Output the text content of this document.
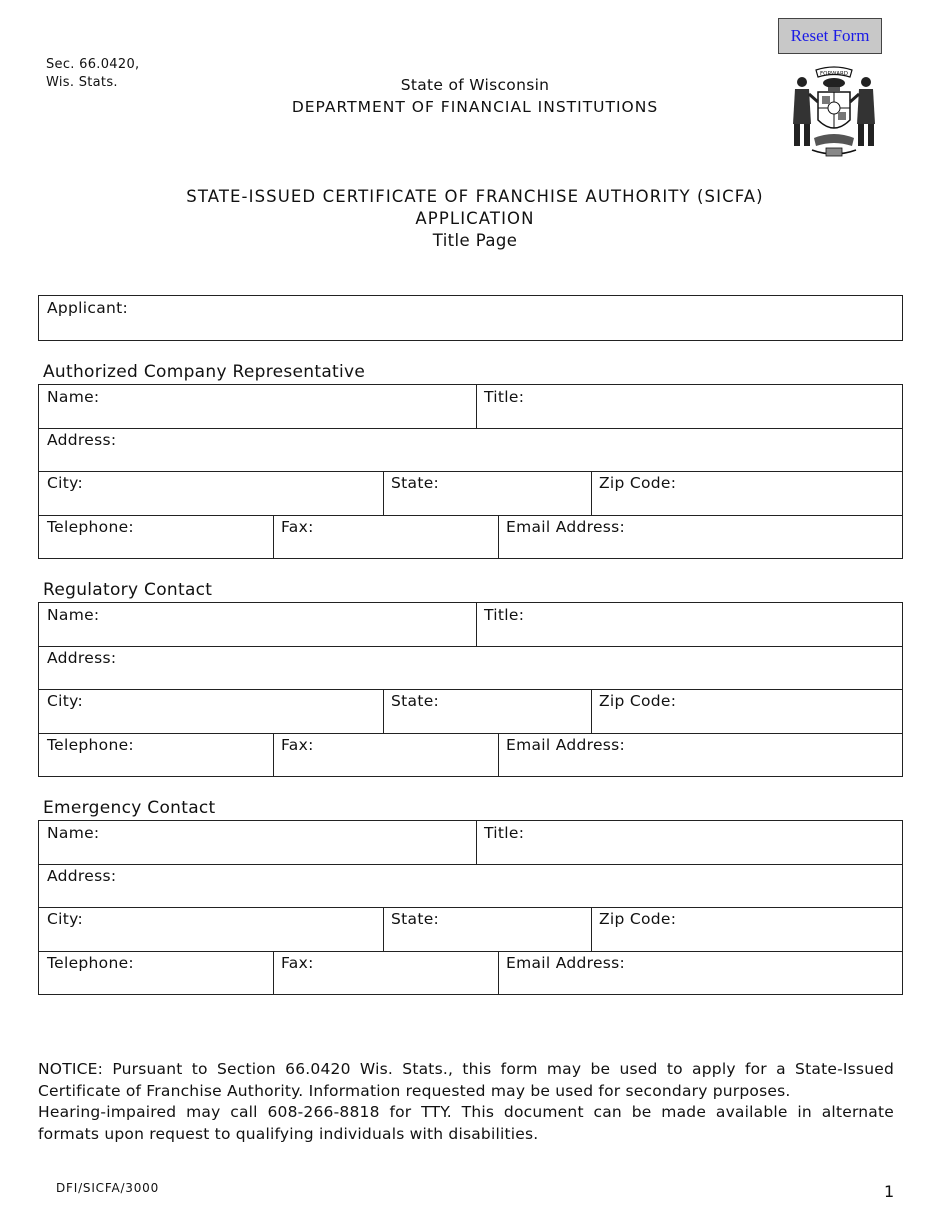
Sec. 66.0420,
Wis. Stats.	State of Wisconsin
DEPARTMENT OF FINANCIAL INSTITUTIONS
Reset Form
FORWARD
STATE-ISSUED CERTIFICATE OF FRANCHISE AUTHORITY (SICFA)
APPLICATION
Title Page
Applicant:
Authorized Company Representative
Name:	Title:
Address:
City:	State:	Zip Code:
Telephone:	Fax:	Email Address:
Regulatory Contact
Name:	Title:
Address:
City:	State:	Zip Code:
Telephone:	Fax:	Email Address:
Emergency Contact
Name:	Title:
Address:
City:	State:	Zip Code:
Telephone:	Fax:	Email Address:

NOTICE: Pursuant to Section 66.0420 Wis. Stats., this form may be used to apply for a State-Issued Certificate of Franchise Authority. Information requested may be used for secondary purposes.

Hearing-impaired may call 608-266-8818 for TTY. This document can be made available in alternate formats upon request to qualifying individuals with disabilities.

DFI/SICFA/3000	1
